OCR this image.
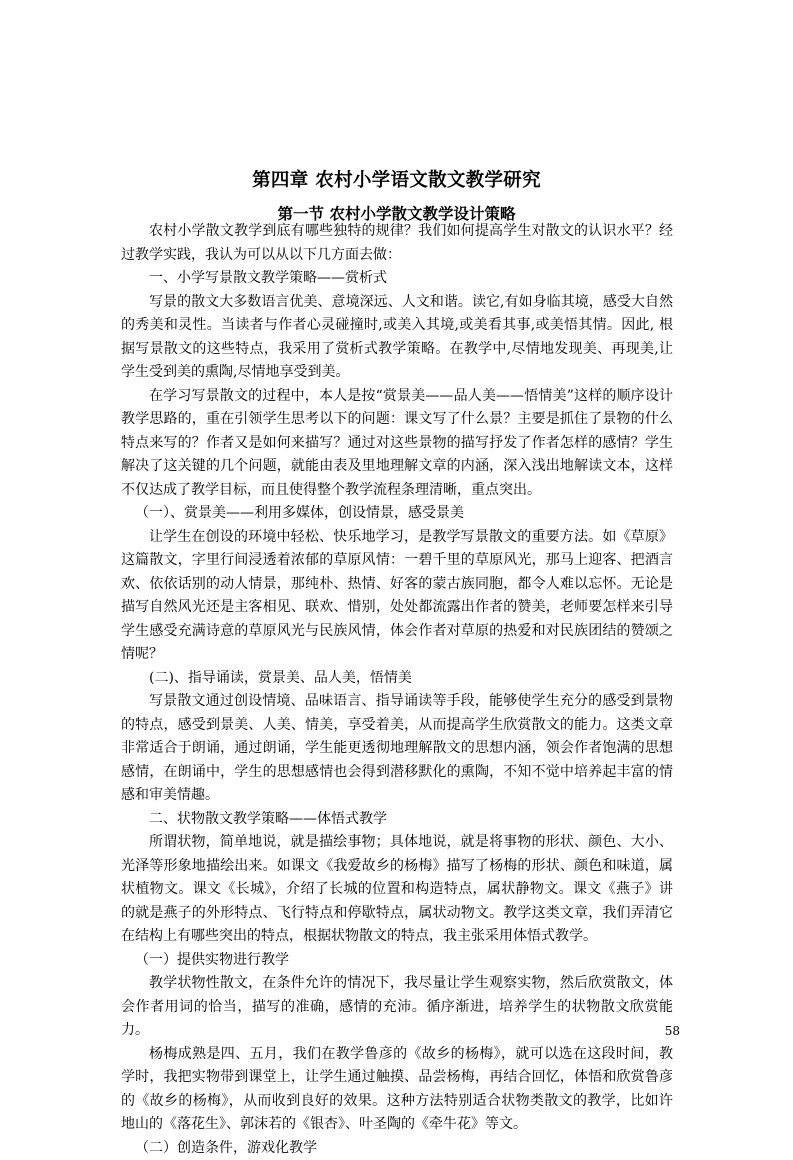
第四章 农村小学语文散文教学研究
第一节 农村小学散文教学设计策略

农村小学散文教学到底有哪些独特的规律？我们如何提高学生对散文的认识水平？经过教学实践，我认为可以从以下几方面去做：

一、小学写景散文教学策略——赏析式

写景的散文大多数语言优美、意境深远、人文和谐。读它,有如身临其境，感受大自然的秀美和灵性。当读者与作者心灵碰撞时,或美入其境,或美看其事,或美悟其情。因此, 根据写景散文的这些特点，我采用了赏析式教学策略。在教学中,尽情地发现美、再现美,让学生受到美的熏陶,尽情地享受到美。

在学习写景散文的过程中，本人是按“赏景美——品人美——悟情美”这样的顺序设计教学思路的，重在引领学生思考以下的问题：课文写了什么景？主要是抓住了景物的什么特点来写的？作者又是如何来描写？通过对这些景物的描写抒发了作者怎样的感情？学生解决了这关键的几个问题，就能由表及里地理解文章的内涵，深入浅出地解读文本，这样不仅达成了教学目标，而且使得整个教学流程条理清晰，重点突出。

（一）、赏景美——利用多媒体，创设情景，感受景美

让学生在创设的环境中轻松、快乐地学习，是教学写景散文的重要方法。如《草原》这篇散文，字里行间浸透着浓郁的草原风情：一碧千里的草原风光，那马上迎客、把酒言欢、依依话别的动人情景，那纯朴、热情、好客的蒙古族同胞，都令人难以忘怀。无论是描写自然风光还是主客相见、联欢、惜别，处处都流露出作者的赞美，老师要怎样来引导学生感受充满诗意的草原风光与民族风情，体会作者对草原的热爱和对民族团结的赞颂之情呢？

(二)、指导诵读，赏景美、品人美，悟情美

写景散文通过创设情境、品味语言、指导诵读等手段，能够使学生充分的感受到景物的特点，感受到景美、人美、情美，享受着美，从而提高学生欣赏散文的能力。这类文章非常适合于朗诵，通过朗诵，学生能更透彻地理解散文的思想内涵，领会作者饱满的思想感情，在朗诵中，学生的思想感情也会得到潜移默化的熏陶，不知不觉中培养起丰富的情感和审美情趣。

二、状物散文教学策略——体悟式教学

所谓状物，简单地说，就是描绘事物；具体地说，就是将事物的形状、颜色、大小、光泽等形象地描绘出来。如课文《我爱故乡的杨梅》描写了杨梅的形状、颜色和味道，属状植物文。课文《长城》，介绍了长城的位置和构造特点，属状静物文。课文《燕子》讲的就是燕子的外形特点、飞行特点和停歇特点，属状动物文。教学这类文章，我们弄清它在结构上有哪些突出的特点，根据状物散文的特点，我主张采用体悟式教学。

（一）提供实物进行教学

教学状物性散文，在条件允许的情况下，我尽量让学生观察实物，然后欣赏散文，体会作者用词的恰当，描写的准确，感情的充沛。循序渐进，培养学生的状物散文欣赏能力。

杨梅成熟是四、五月，我们在教学鲁彦的《故乡的杨梅》，就可以选在这段时间，教学时，我把实物带到课堂上，让学生通过触摸、品尝杨梅，再结合回忆，体悟和欣赏鲁彦的《故乡的杨梅》，从而收到良好的效果。这种方法特别适合状物类散文的教学，比如许地山的《落花生》、郭沫若的《银杏》、叶圣陶的《牵牛花》等文。

（二）创造条件，游戏化教学

58
